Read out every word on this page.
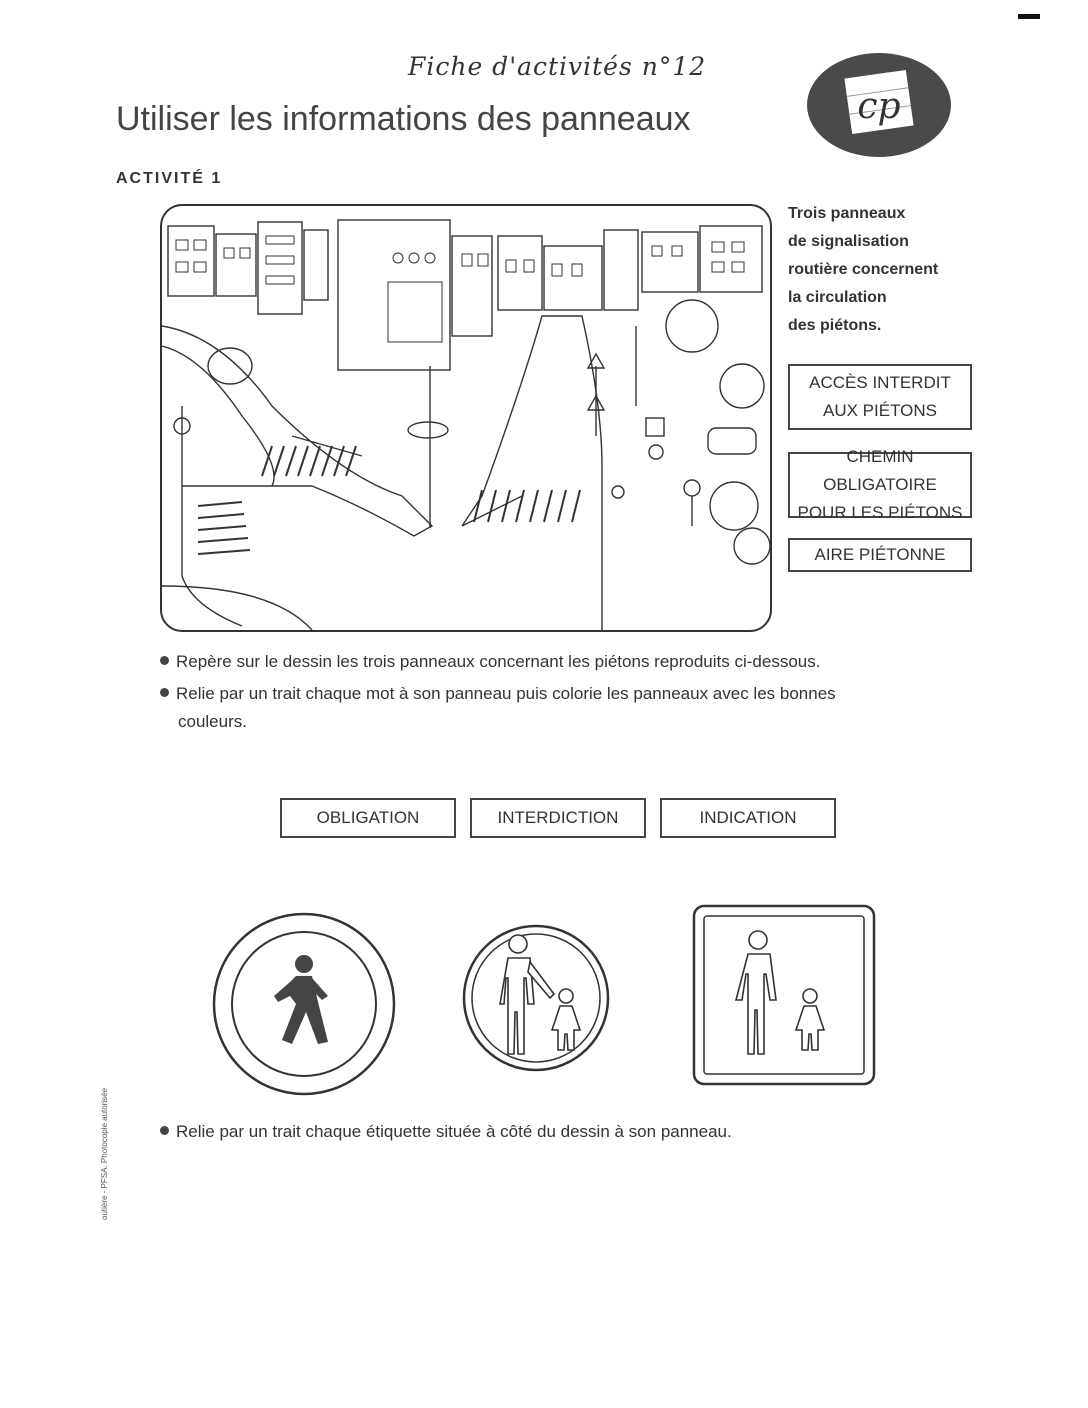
Fiche d'activités n°12
Utiliser les informations des panneaux	cp
ACTIVITÉ 1
Trois panneaux
de signalisation
routière concernent
la circulation
des piétons.
ACCÈS INTERDIT
AUX PIÉTONS
CHEMIN OBLIGATOIRE
POUR LES PIÉTONS
AIRE PIÉTONNE
Repère sur le dessin les trois panneaux concernant les piétons reproduits ci-dessous.
Relie par un trait chaque mot à son panneau puis colorie les panneaux avec les bonnes
couleurs.
OBLIGATION	INTERDICTION	INDICATION
Relie par un trait chaque étiquette située à côté du dessin à son panneau.
outière - PFSA. Photocopie autorisée
